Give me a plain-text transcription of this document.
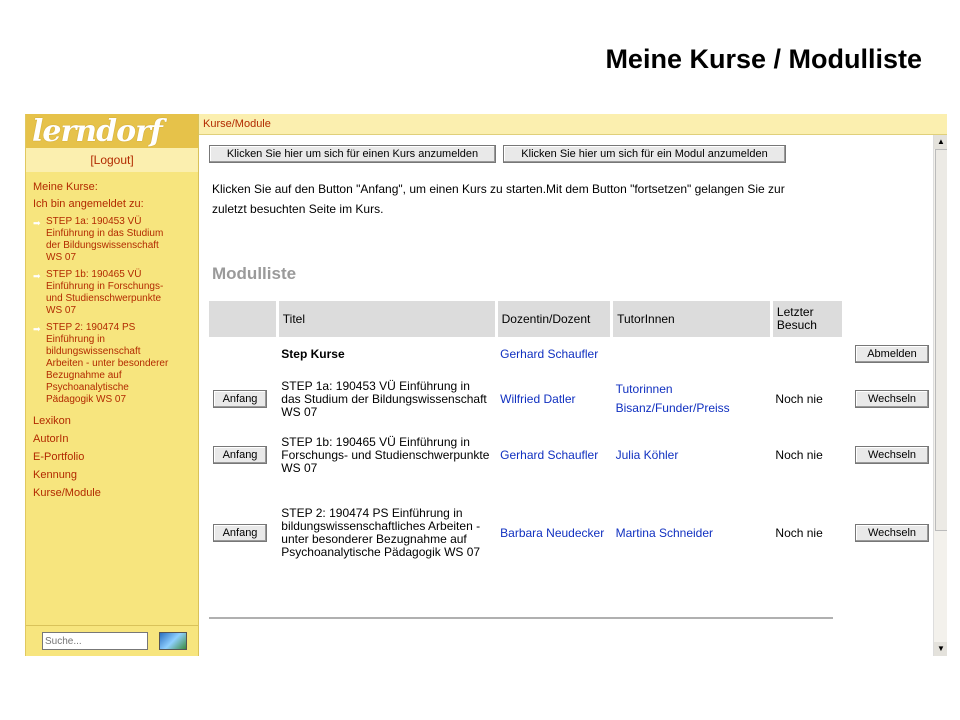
Meine Kurse / Modulliste
lerndorf
[Logout]
Meine Kurse:
Ich bin angemeldet zu:
➡ STEP 1a: 190453 VÜ Einführung in das Studium der Bildungswissenschaft WS 07
➡ STEP 1b: 190465 VÜ Einführung in Forschungs- und Studienschwerpunkte WS 07
➡ STEP 2: 190474 PS Einführung in bildungswissenschaft Arbeiten - unter besonderer Bezugnahme auf Psychoanalytische Pädagogik WS 07
Lexikon
AutorIn
E-Portfolio
Kennung
Kurse/Module
Suche...
Kurse/Module
Klicken Sie hier um sich für einen Kurs anzumelden	Klicken Sie hier um sich für ein Modul anzumelden
Klicken Sie auf den Button "Anfang", um einen Kurs zu starten.Mit dem Button "fortsetzen" gelangen Sie zur zuletzt besuchten Seite im Kurs.
Modulliste
	Titel	Dozentin/Dozent	TutorInnen	Letzter Besuch	
	Step Kurse	Gerhard Schaufler			Abmelden
Anfang	STEP 1a: 190453 VÜ Einführung in das Studium der Bildungswissenschaft WS 07	Wilfried Datler	Tutorinnen Bisanz/Funder/Preiss	Noch nie	Wechseln
Anfang	STEP 1b: 190465 VÜ Einführung in Forschungs- und Studienschwerpunkte WS 07	Gerhard Schaufler	Julia Köhler	Noch nie	Wechseln
Anfang	STEP 2: 190474 PS Einführung in bildungswissenschaftliches Arbeiten - unter besonderer Bezugnahme auf Psychoanalytische Pädagogik WS 07	Barbara Neudecker	Martina Schneider	Noch nie	Wechseln
▲
▼
